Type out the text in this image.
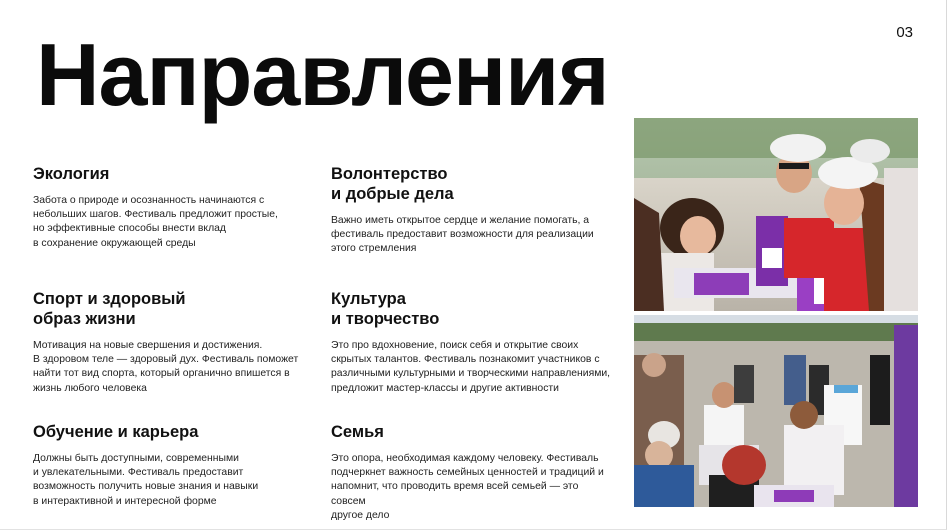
03
Направления
Экология

Забота о природе и осознанность начинаются с
небольших шагов. Фестиваль предложит простые,
но эффективные способы внести вклад
в сохранение окружающей среды

Волонтерство
и добрые дела

Важно иметь открытое сердце и желание помогать, а
фестиваль предоставит возможности для реализации
этого стремления

Спорт и здоровый
образ жизни

Мотивация на новые свершения и достижения.
В здоровом теле — здоровый дух. Фестиваль поможет
найти тот вид спорта, который органично впишется в
жизнь любого человека

Культура
и творчество

Это про вдохновение, поиск себя и открытие своих
скрытых талантов. Фестиваль познакомит участников с
различными культурными и творческими направлениями,
предложит мастер-классы и другие активности

Обучение и карьера

Должны быть доступными, современными
и увлекательными. Фестиваль предоставит
возможность получить новые знания и навыки
в интерактивной и интересной форме

Семья

Это опора, необходимая каждому человеку. Фестиваль
подчеркнет важность семейных ценностей и традиций и
напомнит, что проводить время всей семьей — это совсем
другое дело
